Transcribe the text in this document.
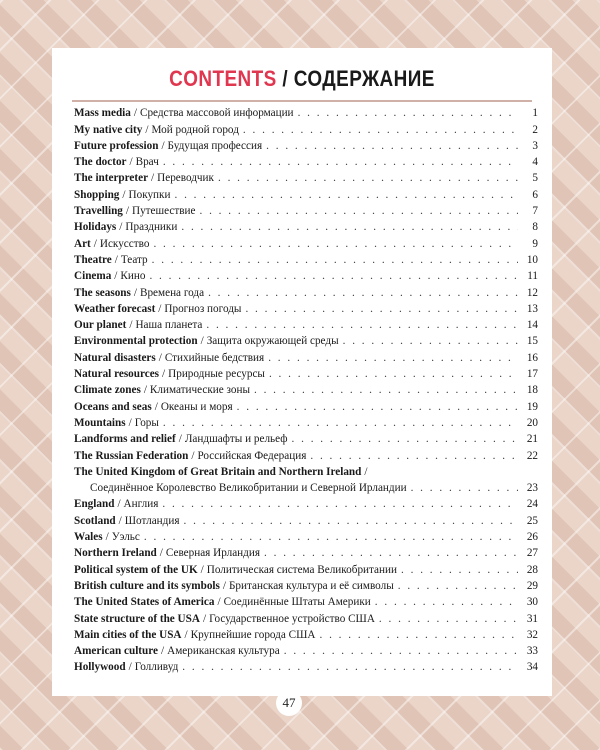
CONTENTS / СОДЕРЖАНИЕ
Mass media / Средства массовой информации . . .	1
My native city / Мой родной город . . .	2
Future profession / Будущая профессия . . .	3
The doctor / Врач . . .	4
The interpreter / Переводчик . . .	5
Shopping / Покупки . . .	6
Travelling / Путешествие . . .	7
Holidays / Праздники . . .	8
Art / Искусство . . .	9
Theatre / Театр . . .	10
Cinema / Кино . . .	11
The seasons / Времена года . . .	12
Weather forecast / Прогноз погоды . . .	13
Our planet / Наша планета . . .	14
Environmental protection / Защита окружающей среды . . .	15
Natural disasters / Стихийные бедствия . . .	16
Natural resources / Природные ресурсы . . .	17
Climate zones / Климатические зоны . . .	18
Oceans and seas / Океаны и моря . . .	19
Mountains / Горы . . .	20
Landforms and relief / Ландшафты и рельеф . . .	21
The Russian Federation / Российская Федерация . . .	22
The United Kingdom of Great Britain and Northern Ireland /
Соединённое Королевство Великобритании и Северной Ирландии . . .	23
England / Англия . . .	24
Scotland / Шотландия . . .	25
Wales / Уэльс . . .	26
Northern Ireland / Северная Ирландия . . .	27
Political system of the UK / Политическая система Великобритании . . .	28
British culture and its symbols / Британская культура и её символы . . .	29
The United States of America / Соединённые Штаты Америки . . .	30
State structure of the USA / Государственное устройство США . . .	31
Main cities of the USA / Крупнейшие города США . . .	32
American culture / Американская культура . . .	33
Hollywood / Голливуд . . .	34
47
